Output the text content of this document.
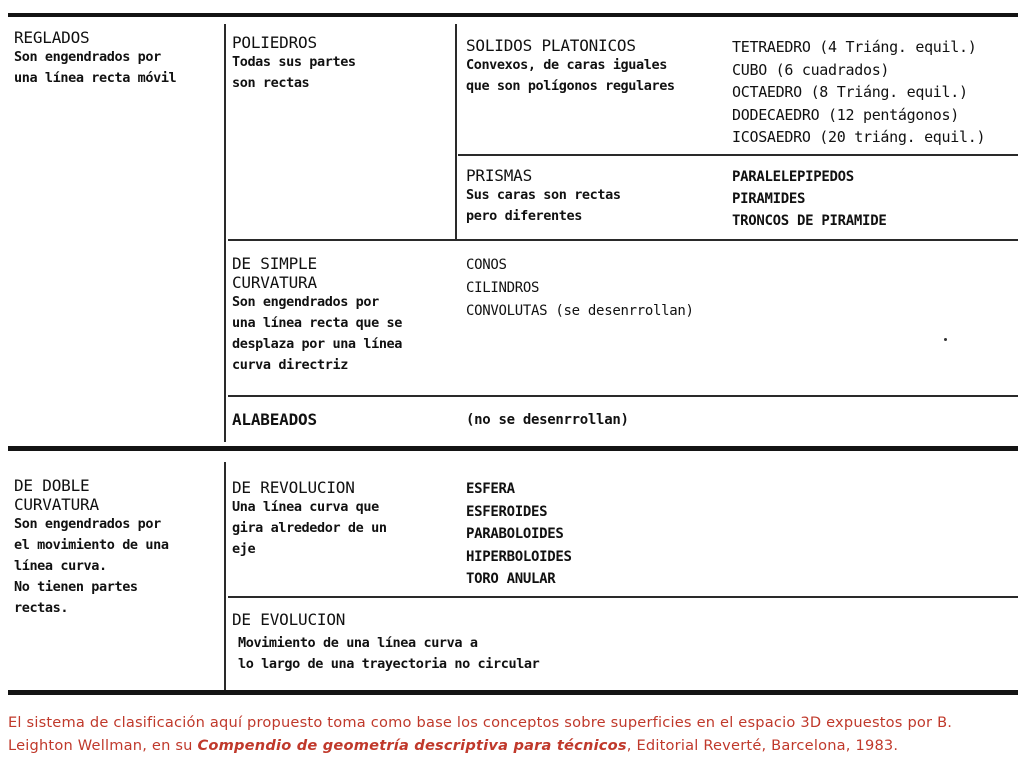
REGLADOS
Son engendrados por
una línea recta móvil
POLIEDROS
Todas sus partes
son rectas
SOLIDOS PLATONICOS
Convexos, de caras iguales
que son polígonos regulares
TETRAEDRO (4 Triáng. equil.)
CUBO (6 cuadrados)
OCTAEDRO (8 Triáng. equil.)
DODECAEDRO (12 pentágonos)
ICOSAEDRO (20 triáng. equil.)
PRISMAS
Sus caras son rectas
pero diferentes
PARALELEPIPEDOS
PIRAMIDES
TRONCOS DE PIRAMIDE
DE SIMPLE
CURVATURA
Son engendrados por
una línea recta que se
desplaza por una línea
curva directriz
CONOS
CILINDROS
CONVOLUTAS (se desenrrollan)
ALABEADOS	(no se desenrrollan)
DE DOBLE
CURVATURA
Son engendrados por
el movimiento de una
línea curva.
No tienen partes
rectas.
DE REVOLUCION
Una línea curva que
gira alrededor de un
eje
ESFERA
ESFEROIDES
PARABOLOIDES
HIPERBOLOIDES
TORO ANULAR
DE EVOLUCION
Movimiento de una línea curva a
lo largo de una trayectoria no circular
El sistema de clasificación aquí propuesto toma como base los conceptos sobre superficies en el espacio 3D expuestos por B. Leighton Wellman, en su Compendio de geometría descriptiva para técnicos, Editorial Reverté, Barcelona, 1983.
